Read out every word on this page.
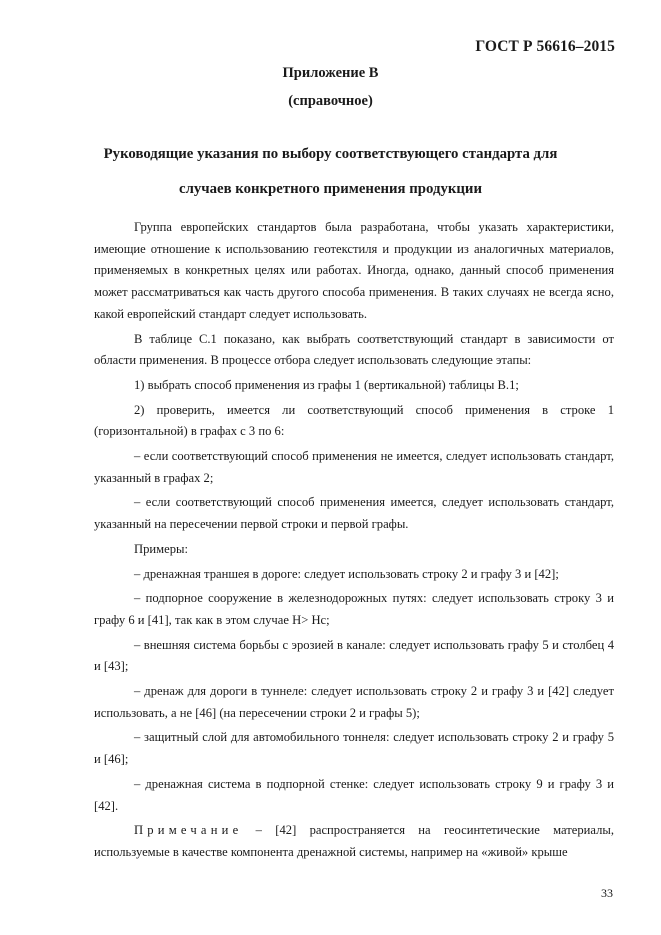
ГОСТ Р 56616–2015
Приложение В
(справочное)
Руководящие указания по выбору соответствующего стандарта для
случаев конкретного применения продукции

Группа европейских стандартов была разработана, чтобы указать характеристики, имеющие отношение к использованию геотекстиля и продукции из аналогичных материалов, применяемых в конкретных целях или работах. Иногда, однако, данный способ применения может рассматриваться как часть другого способа применения. В таких случаях не всегда ясно, какой европейский стандарт следует использовать.

В таблице С.1 показано, как выбрать соответствующий стандарт в зависимости от области применения. В процессе отбора следует использовать следующие этапы:

1) выбрать способ применения из графы 1 (вертикальной) таблицы В.1;

2) проверить, имеется ли соответствующий способ применения в строке 1 (горизонтальной) в графах с 3 по 6:

– если соответствующий способ применения не имеется, следует использовать стандарт, указанный в графах 2;

– если соответствующий способ применения имеется, следует использовать стандарт, указанный на пересечении первой строки и первой графы.

Примеры:

– дренажная траншея в дороге: следует использовать строку 2 и графу 3 и [42];

– подпорное сооружение в железнодорожных путях: следует использовать строку 3 и графу 6 и [41], так как в этом случае H> Hс;

– внешняя система борьбы с эрозией в канале: следует использовать графу 5 и столбец 4 и [43];

– дренаж для дороги в туннеле: следует использовать строку 2 и графу 3 и [42] следует использовать, а не [46] (на пересечении строки 2 и графы 5);

– защитный слой для автомобильного тоннеля: следует использовать строку 2 и графу 5 и [46];

– дренажная система в подпорной стенке: следует использовать строку 9 и графу 3 и [42].

Примечание – [42] распространяется на геосинтетические материалы, используемые в качестве компонента дренажной системы, например на «живой» крыше

33
